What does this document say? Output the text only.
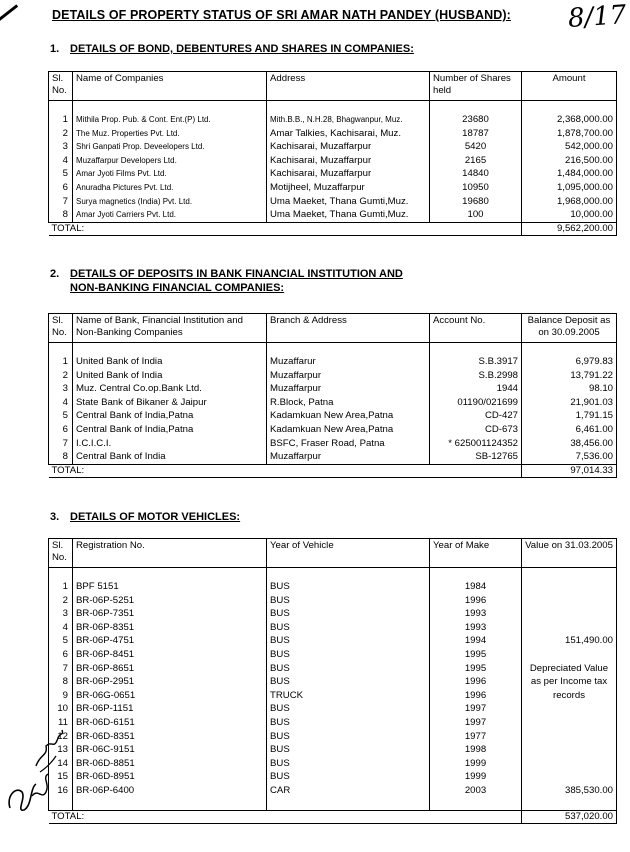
DETAILS OF PROPERTY STATUS OF SRI AMAR NATH PANDEY (HUSBAND): 8/17
1. DETAILS OF BOND, DEBENTURES AND SHARES IN COMPANIES:
Sl. No.	Name of Companies	Address	Number of Shares held	Amount

1	Mithila Prop. Pub. & Cont. Ent.(P) Ltd.	Mith.B.B., N.H.28, Bhagwanpur, Muz.	23680	2,368,000.00
2	The Muz. Properties Pvt. Ltd.	Amar Talkies, Kachisarai, Muz.	18787	1,878,700.00
3	Shri Ganpati Prop. Deveelopers Ltd.	Kachisarai, Muzaffarpur	5420	542,000.00
4	Muzaffarpur Developers Ltd.	Kachisarai, Muzaffarpur	2165	216,500.00
5	Amar Jyoti Films Pvt. Ltd.	Kachisarai, Muzaffarpur	14840	1,484,000.00
6	Anuradha Pictures Pvt. Ltd.	Motijheel, Muzaffarpur	10950	1,095,000.00
7	Surya magnetics (India) Pvt. Ltd.	Uma Maeket, Thana Gumti,Muz.	19680	1,968,000.00
8	Amar Jyoti Carriers Pvt. Ltd.	Uma Maeket, Thana Gumti,Muz.	100	10,000.00
TOTAL:				9,562,200.00
2. DETAILS OF DEPOSITS IN BANK FINANCIAL INSTITUTION AND
NON-BANKING FINANCIAL COMPANIES:
Sl. No.	Name of Bank, Financial Institution and Non-Banking Companies	Branch & Address	Account No.	Balance Deposit as on 30.09.2005

1	United Bank of India	Muzaffarur	S.B.3917	6,979.83
2	United Bank of India	Muzaffarpur	S.B.2998	13,791.22
3	Muz. Central Co.op.Bank Ltd.	Muzaffarpur	1944	98.10
4	State Bank of Bikaner & Jaipur	R.Block, Patna	01190/021699	21,901.03
5	Central Bank of India,Patna	Kadamkuan New Area,Patna	CD-427	1,791.15
6	Central Bank of India,Patna	Kadamkuan New Area,Patna	CD-673	6,461.00
7	I.C.I.C.I.	BSFC, Fraser Road, Patna	* 625001124352	38,456.00
8	Central Bank of India	Muzaffarpur	SB-12765	7,536.00
TOTAL:				97,014.33
3. DETAILS OF MOTOR VEHICLES:
Sl. No.	Registration No.	Year of Vehicle	Year of Make	Value on 31.03.2005

1	BPF 5151	BUS	1984	
2	BR-06P-5251	BUS	1996	
3	BR-06P-7351	BUS	1993	
4	BR-06P-8351	BUS	1993	
5	BR-06P-4751	BUS	1994	151,490.00
6	BR-06P-8451	BUS	1995	
7	BR-06P-8651	BUS	1995	Depreciated Value as per Income tax records
8	BR-06P-2951	BUS	1996	
9	BR-06G-0651	TRUCK	1996	
10	BR-06P-1151	BUS	1997	
11	BR-06D-6151	BUS	1997	
12	BR-06D-8351	BUS	1977	
13	BR-06C-9151	BUS	1998	
14	BR-06D-8851	BUS	1999	
15	BR-06D-8951	BUS	1999	
16	BR-06P-6400	CAR	2003	385,530.00

TOTAL:				537,020.00
